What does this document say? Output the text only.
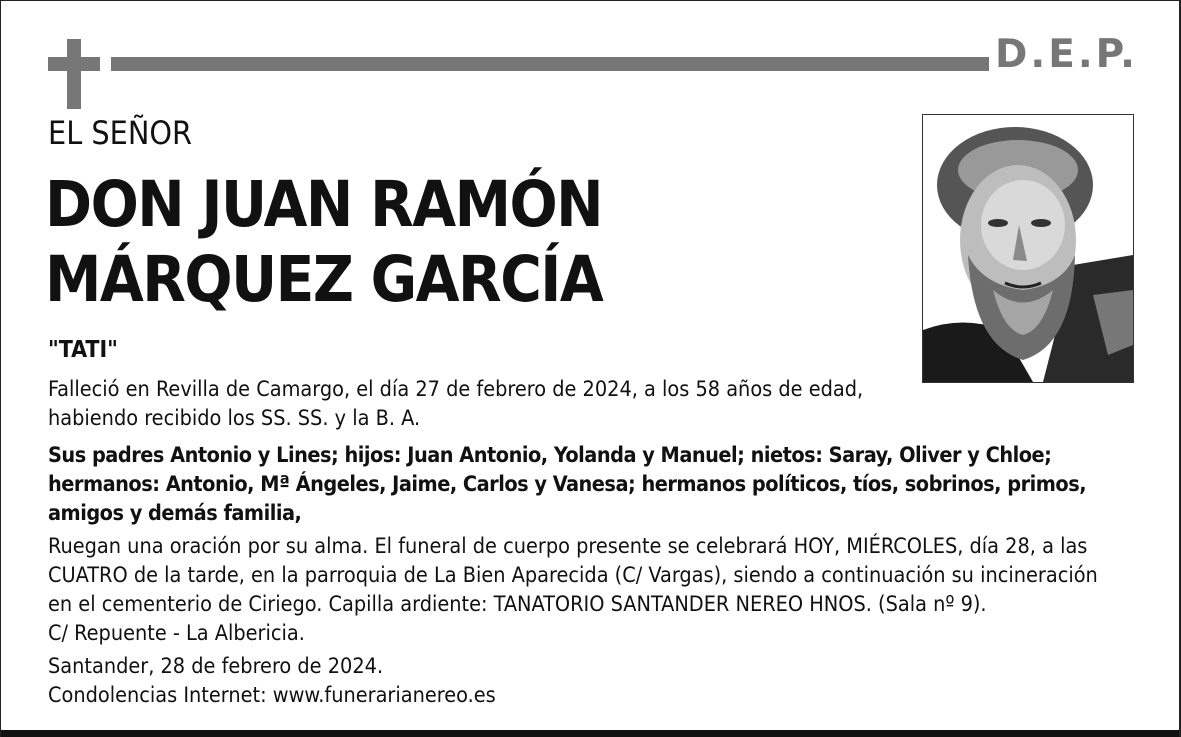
D.E.P.
EL SEÑOR
DON JUAN RAMÓN
MÁRQUEZ GARCÍA
"TATI"

Falleció en Revilla de Camargo, el día 27 de febrero de 2024, a los 58 años de edad,
habiendo recibido los SS. SS. y la B. A.

Sus padres Antonio y Lines; hijos: Juan Antonio, Yolanda y Manuel; nietos: Saray, Oliver y Chloe;
hermanos: Antonio, Mª Ángeles, Jaime, Carlos y Vanesa; hermanos políticos, tíos, sobrinos, primos,
amigos y demás familia,

Ruegan una oración por su alma. El funeral de cuerpo presente se celebrará HOY, MIÉRCOLES, día 28, a las
CUATRO de la tarde, en la parroquia de La Bien Aparecida (C/ Vargas), siendo a continuación su incineración
en el cementerio de Ciriego. Capilla ardiente: TANATORIO SANTANDER NEREO HNOS. (Sala nº 9).
C/ Repuente - La Albericia.

Santander, 28 de febrero de 2024.
Condolencias Internet: www.funerarianereo.es
